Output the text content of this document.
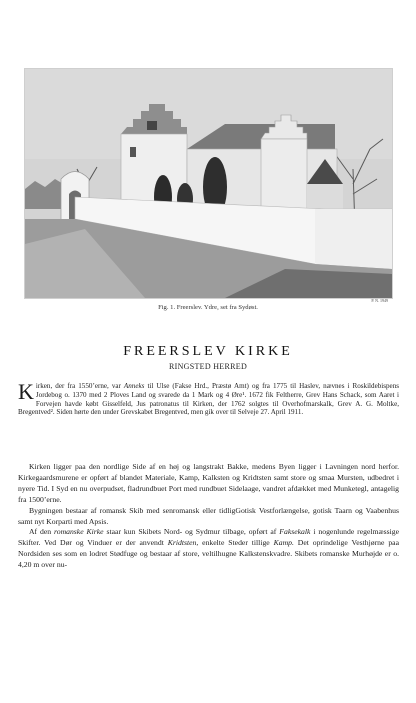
P. N. 1949
Fig. 1. Freerslev. Ydre, set fra Sydøst.
FREERSLEV KIRKE
RINGSTED HERRED
Kirken, der fra 1550’erne, var Anneks til Ulse (Fakse Hrd., Præstø Amt) og fra 1775 til Haslev, nævnes i Roskildebispens Jordebog o. 1370 med 2 Ploves Land og svarede da 1 Mark og 4 Øre¹. 1672 fik Feltherre, Grev Hans Schack, som Aaret i Forvejen havde købt Gisselfeld, Jus patronatus til Kirken, der 1762 solgtes til Overhofmarskalk, Grev A. G. Moltke, Bregentved². Siden hørte den under Grevskabet Bregentved, men gik over til Selveje 27. April 1911.

Kirken ligger paa den nordlige Side af en høj og langstrakt Bakke, medens Byen ligger i Lavningen nord herfor. Kirkegaardsmurene er opført af blandet Materiale, Kamp, Kalksten og Kridtsten samt store og smaa Mursten, udbedret i nyere Tid. I Syd en nu overpudset, fladrundbuet Port med rundbuet Sidelaage, vandret afdækket med Munketegl, antagelig fra 1500’erne.

Bygningen bestaar af romansk Skib med senromansk eller tidligGotisk Vestforlængelse, gotisk Taarn og Vaabenhus samt nyt Korparti med Apsis.

Af den romanske Kirke staar kun Skibets Nord- og Sydmur tilbage, opført af Faksekalk i nogenlunde regelmæssige Skifter. Ved Dør og Vinduer er der anvendt Kridtsten, enkelte Steder tillige Kamp. Det oprindelige Vesthjørne paa Nordsiden ses som en lodret Stødfuge og bestaar af store, veltilhugne Kalkstenskvadre. Skibets romanske Murhøjde er o. 4,20 m over nu-
